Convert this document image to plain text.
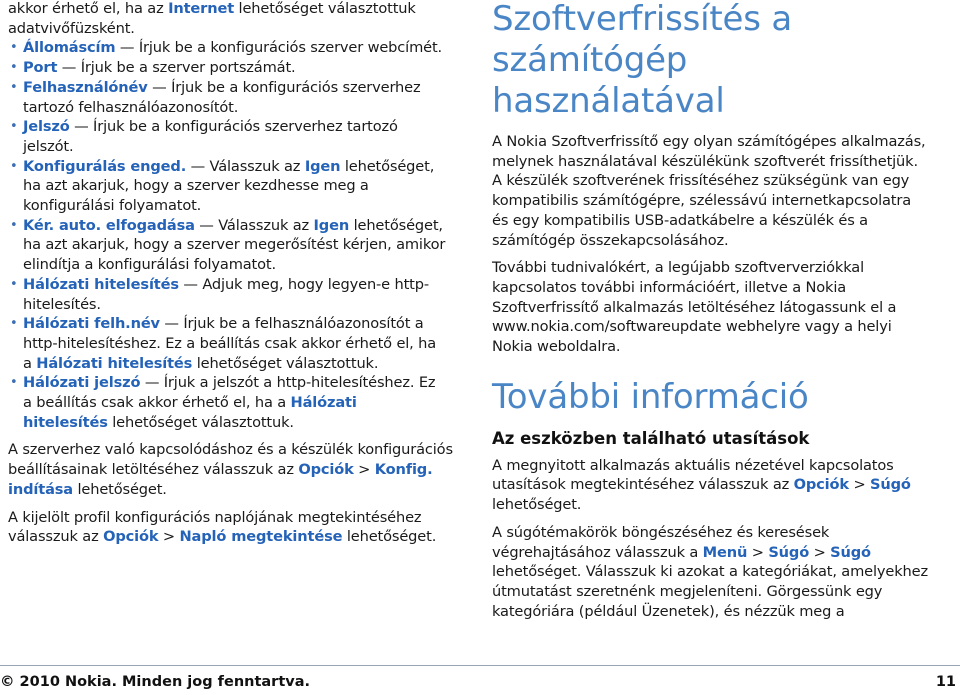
akkor érhető el, ha az Internet lehetőséget választottuk
adatvivőfüzsként.
• Állomáscím — Írjuk be a konfigurációs szerver webcímét.
• Port — Írjuk be a szerver portszámát.
• Felhasználónév — Írjuk be a konfigurációs szerverhez
tartozó felhasználóazonosítót.
• Jelszó — Írjuk be a konfigurációs szerverhez tartozó
jelszót.
• Konfigurálás enged. — Válasszuk az Igen lehetőséget,
ha azt akarjuk, hogy a szerver kezdhesse meg a
konfigurálási folyamatot.
• Kér. auto. elfogadása — Válasszuk az Igen lehetőséget,
ha azt akarjuk, hogy a szerver megerősítést kérjen, amikor
elindítja a konfigurálási folyamatot.
• Hálózati hitelesítés — Adjuk meg, hogy legyen-e http-
hitelesítés.
• Hálózati felh.név — Írjuk be a felhasználóazonosítót a
http-hitelesítéshez. Ez a beállítás csak akkor érhető el, ha
a Hálózati hitelesítés lehetőséget választottuk.
• Hálózati jelszó — Írjuk a jelszót a http-hitelesítéshez. Ez
a beállítás csak akkor érhető el, ha a Hálózati
hitelesítés lehetőséget választottuk.
A szerverhez való kapcsolódáshoz és a készülék konfigurációs
beállításainak letöltéséhez válasszuk az Opciók > Konfig.
indítása lehetőséget.
A kijelölt profil konfigurációs naplójának megtekintéséhez
válasszuk az Opciók > Napló megtekintése lehetőséget.
Szoftverfrissítés a
számítógép
használatával
A Nokia Szoftverfrissítő egy olyan számítógépes alkalmazás,
melynek használatával készülékünk szoftverét frissíthetjük.
A készülék szoftverének frissítéséhez szükségünk van egy
kompatibilis számítógépre, szélessávú internetkapcsolatra
és egy kompatibilis USB-adatkábelre a készülék és a
számítógép összekapcsolásához.
További tudnivalókért, a legújabb szoftververziókkal
kapcsolatos további információért, illetve a Nokia
Szoftverfrissítő alkalmazás letöltéséhez látogassunk el a
www.nokia.com/softwareupdate webhelyre vagy a helyi
Nokia weboldalra.
További információ
Az eszközben található utasítások
A megnyitott alkalmazás aktuális nézetével kapcsolatos
utasítások megtekintéséhez válasszuk az Opciók > Súgó
lehetőséget.
A súgótémakörök böngészéséhez és keresések
végrehajtásához válasszuk a Menü > Súgó > Súgó
lehetőséget. Válasszuk ki azokat a kategóriákat, amelyekhez
útmutatást szeretnénk megjeleníteni. Görgessünk egy
kategóriára (például Üzenetek), és nézzük meg a
© 2010 Nokia. Minden jog fenntartva.	11
